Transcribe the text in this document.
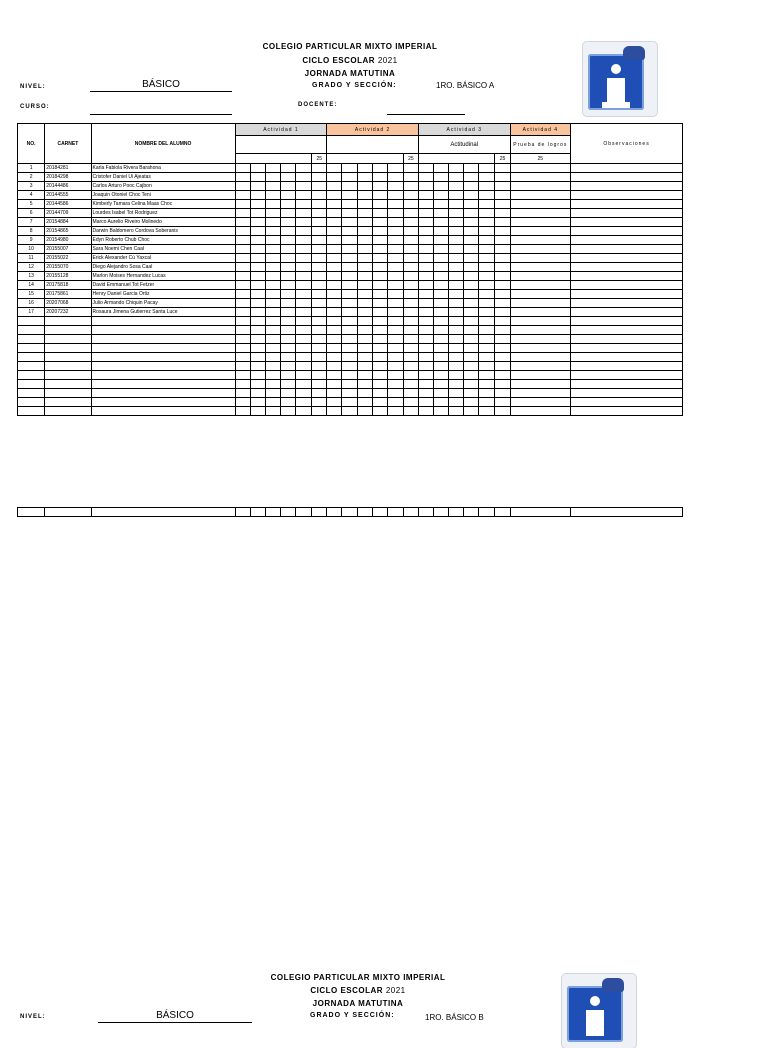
COLEGIO PARTICULAR MIXTO IMPERIAL
CICLO ESCOLAR 2021
JORNADA MATUTINA
NIVEL:	BÁSICO	GRADO Y SECCIÓN:	1RO. BÁSICO A
CURSO:	DOCENTE:
NO.	CARNET	NOMBRE DEL ALUMNO	Actividad 1						Actividad 2						Actividad 3						Actividad 4	Observaciones
															Actitudinal						Prueba de logros	
								25						25						25	25	
1	20184281	Karla Fabiola Rivera Barahona																				
2	20184298	Cristofer Daniel Ui Ajeatas																				
3	20144486	Carlos Arturo Pooc Cajbon																				
4	20144555	Joaquin Otoniel Choc Teni																				
5	20144586	Kimberly Tamara Celina Maas Choc																				
6	20144709	Lourdes Isabel Tot Rodriguez																				
7	20154884	Marco Aurelio Riveiro Molinedo																				
8	20154865	Darwin Baldomero Cordova Soberanis																				
9	20154980	Edyn Roberto Chub Choc																				
10	20155007	Sara Noemi Chen Caal																				
11	20155022	Erick Alexander Cú Yaxcal																				
12	20155070	Diego Alejandro Sosa Caal																				
13	20155128	Marlon Moises Hernandez Lucas																				
14	20175818	David Emmanuel Tot Fetzer																				
15	20175861	Henry Daniel Garcia Ortiz																				
16	20207068	Julio Armando Chiquin Pacay																				
17	20207232	Rosaura Jimena Gutierrez Santa Luce																				

COLEGIO PARTICULAR MIXTO IMPERIAL
CICLO ESCOLAR 2021
JORNADA MATUTINA
NIVEL:	BÁSICO	GRADO Y SECCIÓN:	1RO. BÁSICO B
